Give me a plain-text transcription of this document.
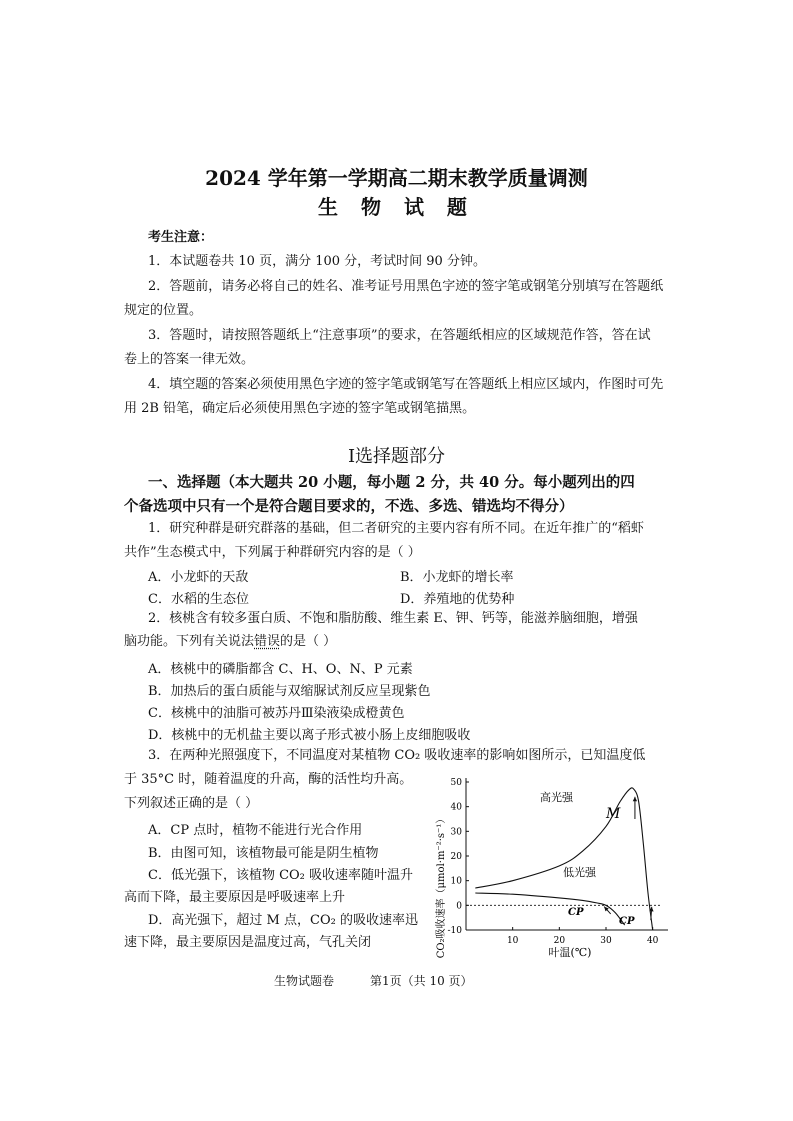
2024 学年第一学期高二期末教学质量调测
生 物 试 题
考生注意：
1．本试题卷共 10 页，满分 100 分，考试时间 90 分钟。
2．答题前，请务必将自己的姓名、准考证号用黑色字迹的签字笔或钢笔分别填写在答题纸
规定的位置。
3．答题时，请按照答题纸上“注意事项”的要求，在答题纸相应的区域规范作答，答在试
卷上的答案一律无效。
4．填空题的答案必须使用黑色字迹的签字笔或钢笔写在答题纸上相应区域内，作图时可先
用 2B 铅笔，确定后必须使用黑色字迹的签字笔或钢笔描黑。
Ⅰ选择题部分
一、选择题（本大题共 20 小题，每小题 2 分，共 40 分。每小题列出的四
个备选项中只有一个是符合题目要求的，不选、多选、错选均不得分）
1．研究种群是研究群落的基础，但二者研究的主要内容有所不同。在近年推广的“稻虾
共作”生态模式中，下列属于种群研究内容的是（ ）
A．小龙虾的天敌	B．小龙虾的增长率
C．水稻的生态位	D．养殖地的优势种
2．核桃含有较多蛋白质、不饱和脂肪酸、维生素 E、钾、钙等，能滋养脑细胞，增强
脑功能。下列有关说法错误的是（ ）
A．核桃中的磷脂都含 C、H、O、N、P 元素
B．加热后的蛋白质能与双缩脲试剂反应呈现紫色
C．核桃中的油脂可被苏丹Ⅲ染液染成橙黄色
D．核桃中的无机盐主要以离子形式被小肠上皮细胞吸收
3．在两种光照强度下，不同温度对某植物 CO₂ 吸收速率的影响如图所示，已知温度低
于 35°C 时，随着温度的升高，酶的活性均升高。
下列叙述正确的是（ ）
A．CP 点时，植物不能进行光合作用
B．由图可知，该植物最可能是阴生植物
C．低光强下，该植物 CO₂ 吸收速率随叶温升
高而下降，最主要原因是呼吸速率上升
D．高光强下，超过 M 点，CO₂ 的吸收速率迅
速下降，最主要原因是温度过高，气孔关闭
50
40
30
20
10
0
-10
10	20	30	40
CO₂吸收速率（μmol·m⁻²·s⁻¹）	叶温(℃)
高光强
低光强
M
CP
CP
生物试题卷	第1页（共 10 页）
